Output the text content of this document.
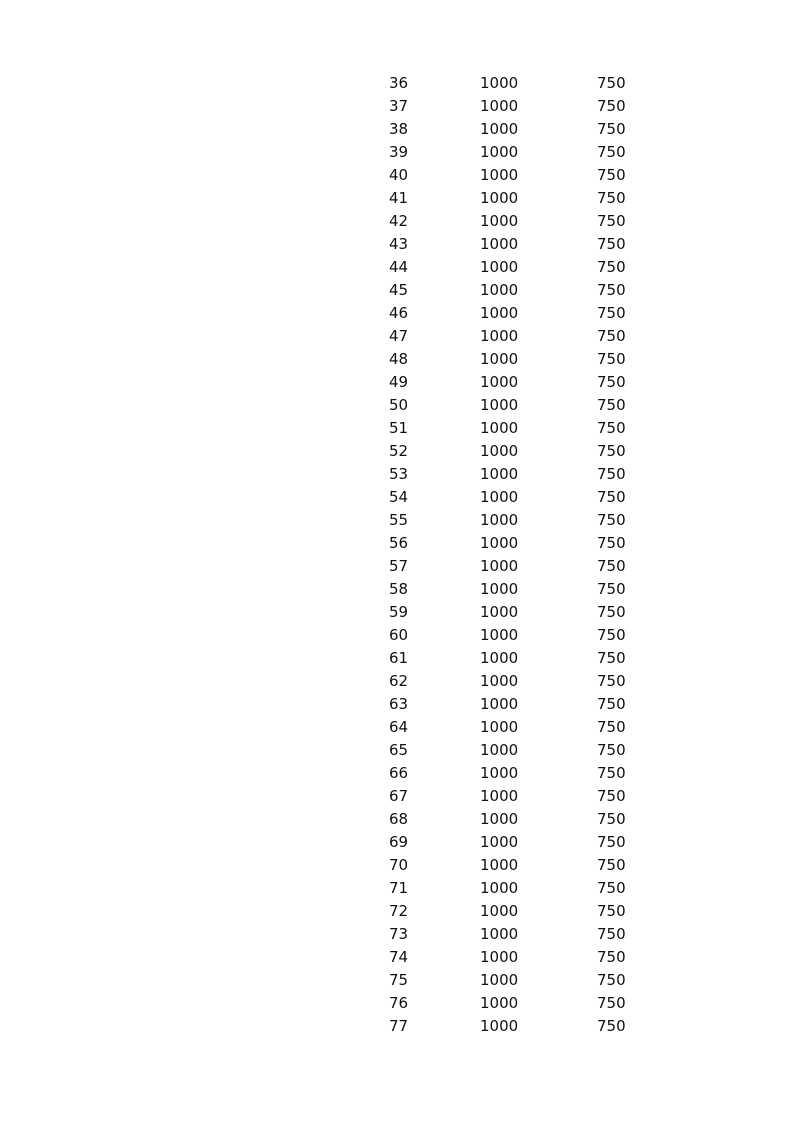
36	1000	750
37	1000	750
38	1000	750
39	1000	750
40	1000	750
41	1000	750
42	1000	750
43	1000	750
44	1000	750
45	1000	750
46	1000	750
47	1000	750
48	1000	750
49	1000	750
50	1000	750
51	1000	750
52	1000	750
53	1000	750
54	1000	750
55	1000	750
56	1000	750
57	1000	750
58	1000	750
59	1000	750
60	1000	750
61	1000	750
62	1000	750
63	1000	750
64	1000	750
65	1000	750
66	1000	750
67	1000	750
68	1000	750
69	1000	750
70	1000	750
71	1000	750
72	1000	750
73	1000	750
74	1000	750
75	1000	750
76	1000	750
77	1000	750
